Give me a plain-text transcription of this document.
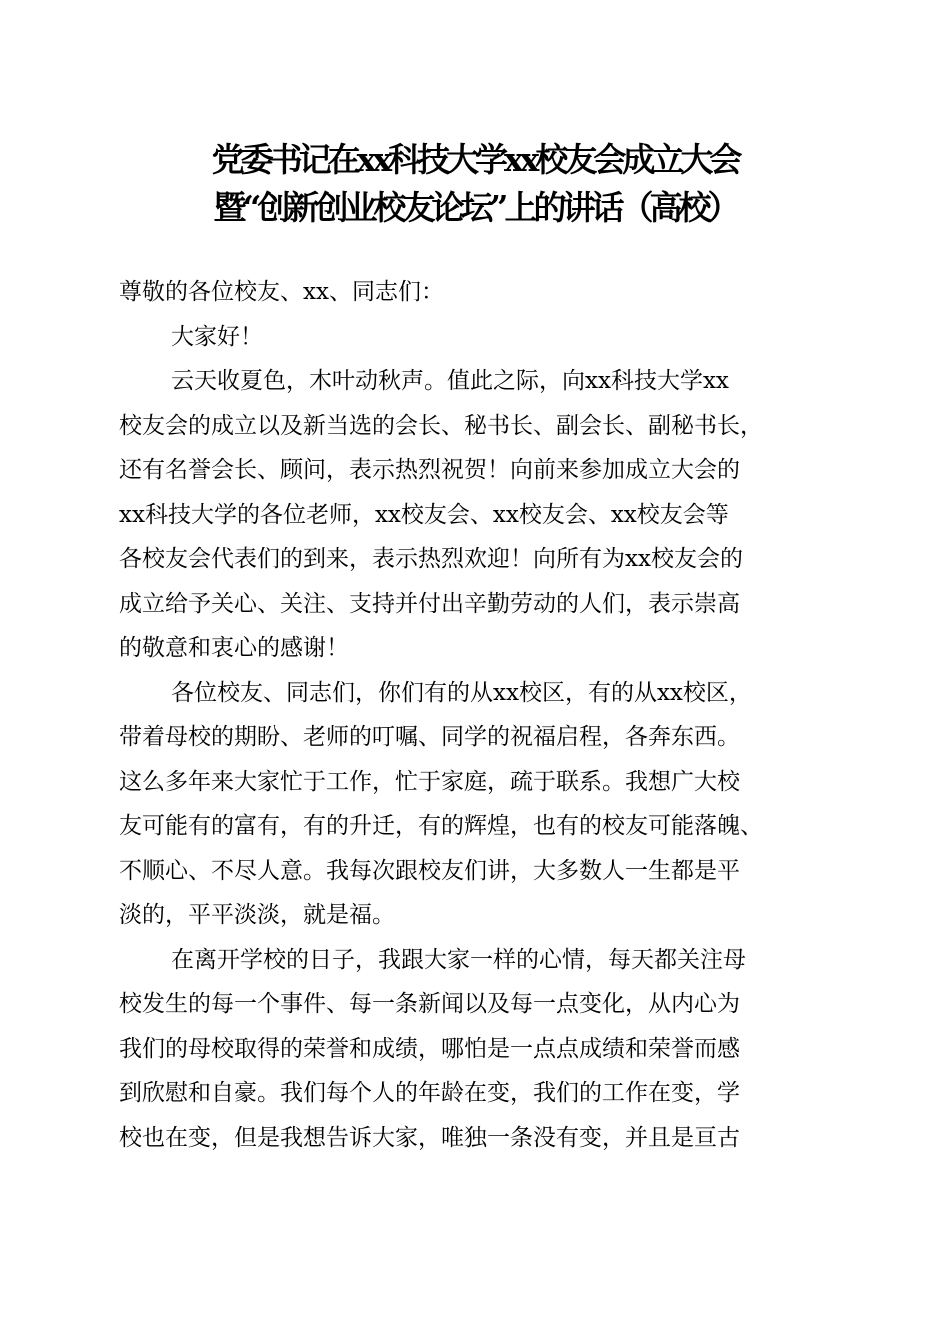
党委书记在xx科技大学xx校友会成立大会
暨“创新创业校友论坛”上的讲话（高校）
尊敬的各位校友、xx、同志们：
大家好！
云天收夏色，木叶动秋声。值此之际，向xx科技大学xx
校友会的成立以及新当选的会长、秘书长、副会长、副秘书长，
还有名誉会长、顾问，表示热烈祝贺！向前来参加成立大会的
xx科技大学的各位老师，xx校友会、xx校友会、xx校友会等
各校友会代表们的到来，表示热烈欢迎！向所有为xx校友会的
成立给予关心、关注、支持并付出辛勤劳动的人们，表示崇高
的敬意和衷心的感谢！
各位校友、同志们，你们有的从xx校区，有的从xx校区，
带着母校的期盼、老师的叮嘱、同学的祝福启程，各奔东西。
这么多年来大家忙于工作，忙于家庭，疏于联系。我想广大校
友可能有的富有，有的升迁，有的辉煌，也有的校友可能落魄、
不顺心、不尽人意。我每次跟校友们讲，大多数人一生都是平
淡的，平平淡淡，就是福。
在离开学校的日子，我跟大家一样的心情，每天都关注母
校发生的每一个事件、每一条新闻以及每一点变化，从内心为
我们的母校取得的荣誉和成绩，哪怕是一点点成绩和荣誉而感
到欣慰和自豪。我们每个人的年龄在变，我们的工作在变，学
校也在变，但是我想告诉大家，唯独一条没有变，并且是亘古
